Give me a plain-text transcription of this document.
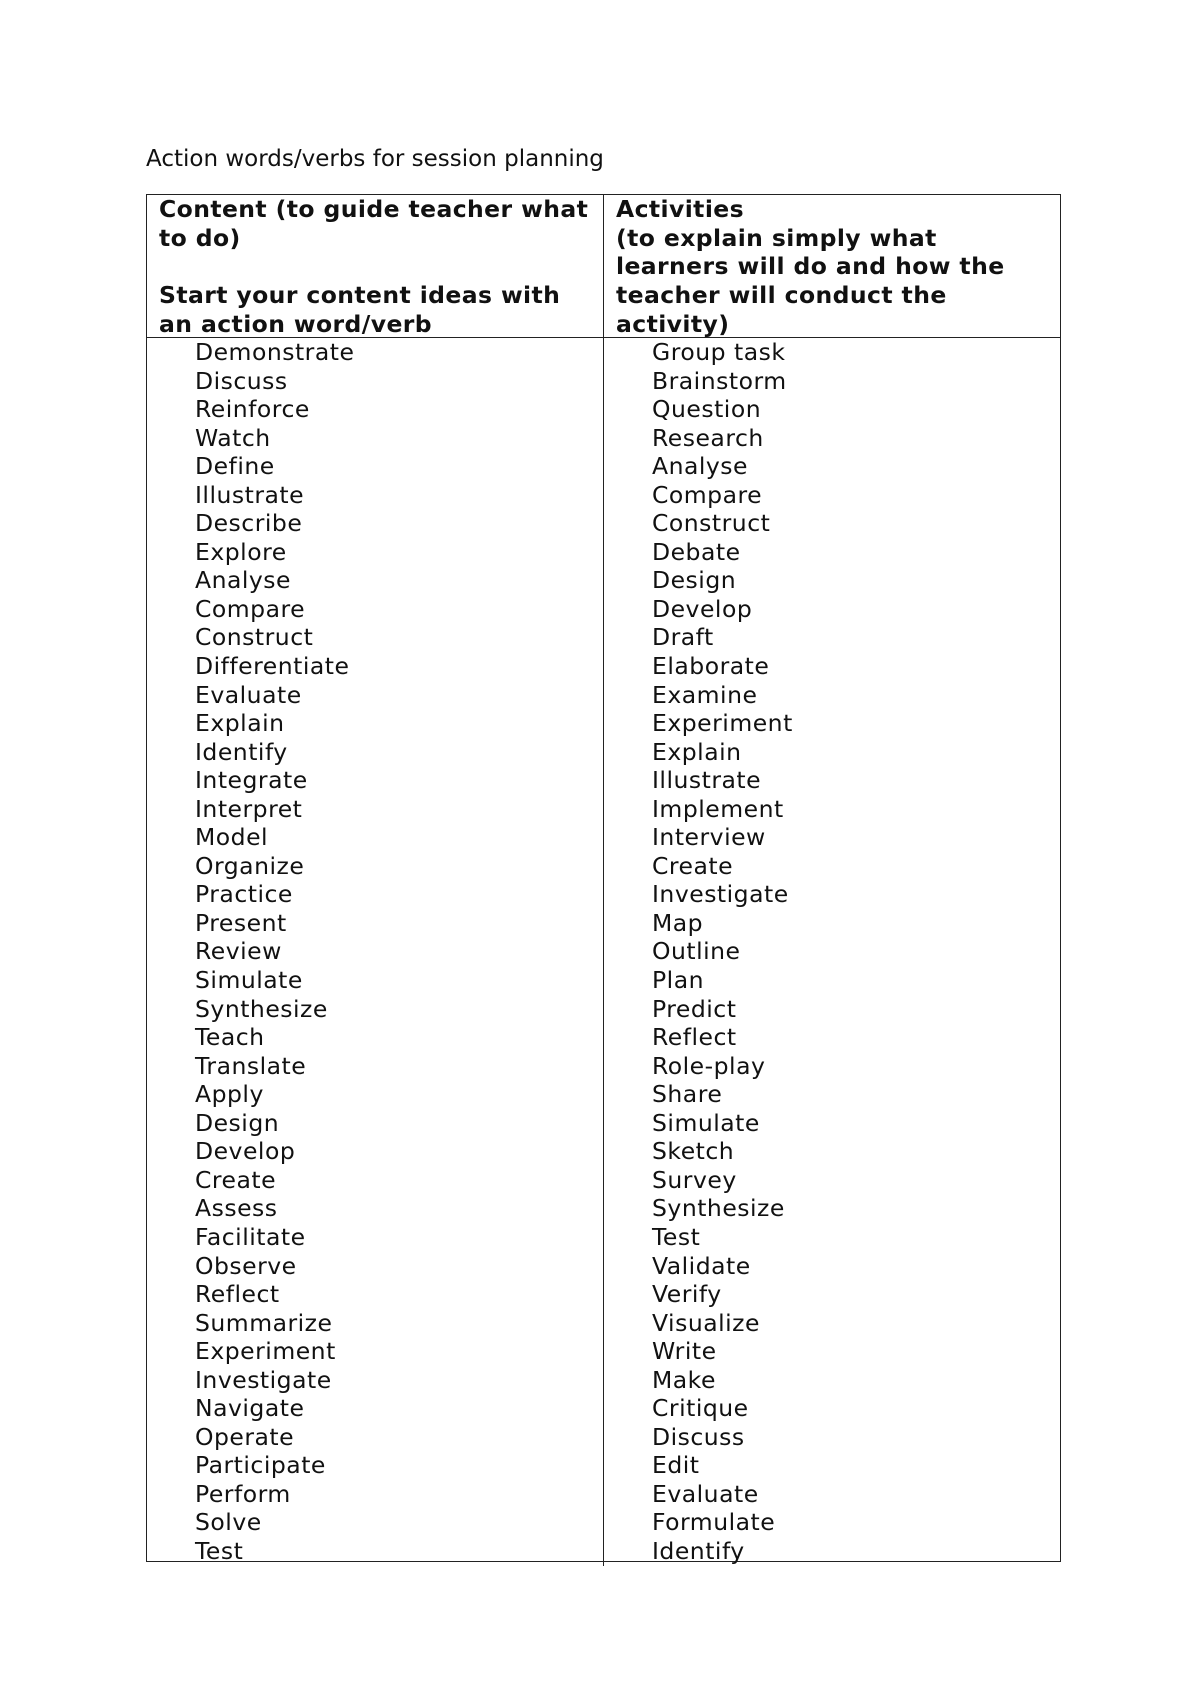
Action words/verbs for session planning

Content (to guide teacher what to do)

Start your content ideas with an action word/verb

Activities

(to explain simply what learners will do and how the teacher will conduct the activity)

Demonstrate
Discuss
Reinforce
Watch
Define
Illustrate
Describe
Explore
Analyse
Compare
Construct
Differentiate
Evaluate
Explain
Identify
Integrate
Interpret
Model
Organize
Practice
Present
Review
Simulate
Synthesize
Teach
Translate
Apply
Design
Develop
Create
Assess
Facilitate
Observe
Reflect
Summarize
Experiment
Investigate
Navigate
Operate
Participate
Perform
Solve
Test
Group task
Brainstorm
Question
Research
Analyse
Compare
Construct
Debate
Design
Develop
Draft
Elaborate
Examine
Experiment
Explain
Illustrate
Implement
Interview
Create
Investigate
Map
Outline
Plan
Predict
Reflect
Role-play
Share
Simulate
Sketch
Survey
Synthesize
Test
Validate
Verify
Visualize
Write
Make
Critique
Discuss
Edit
Evaluate
Formulate
Identify
